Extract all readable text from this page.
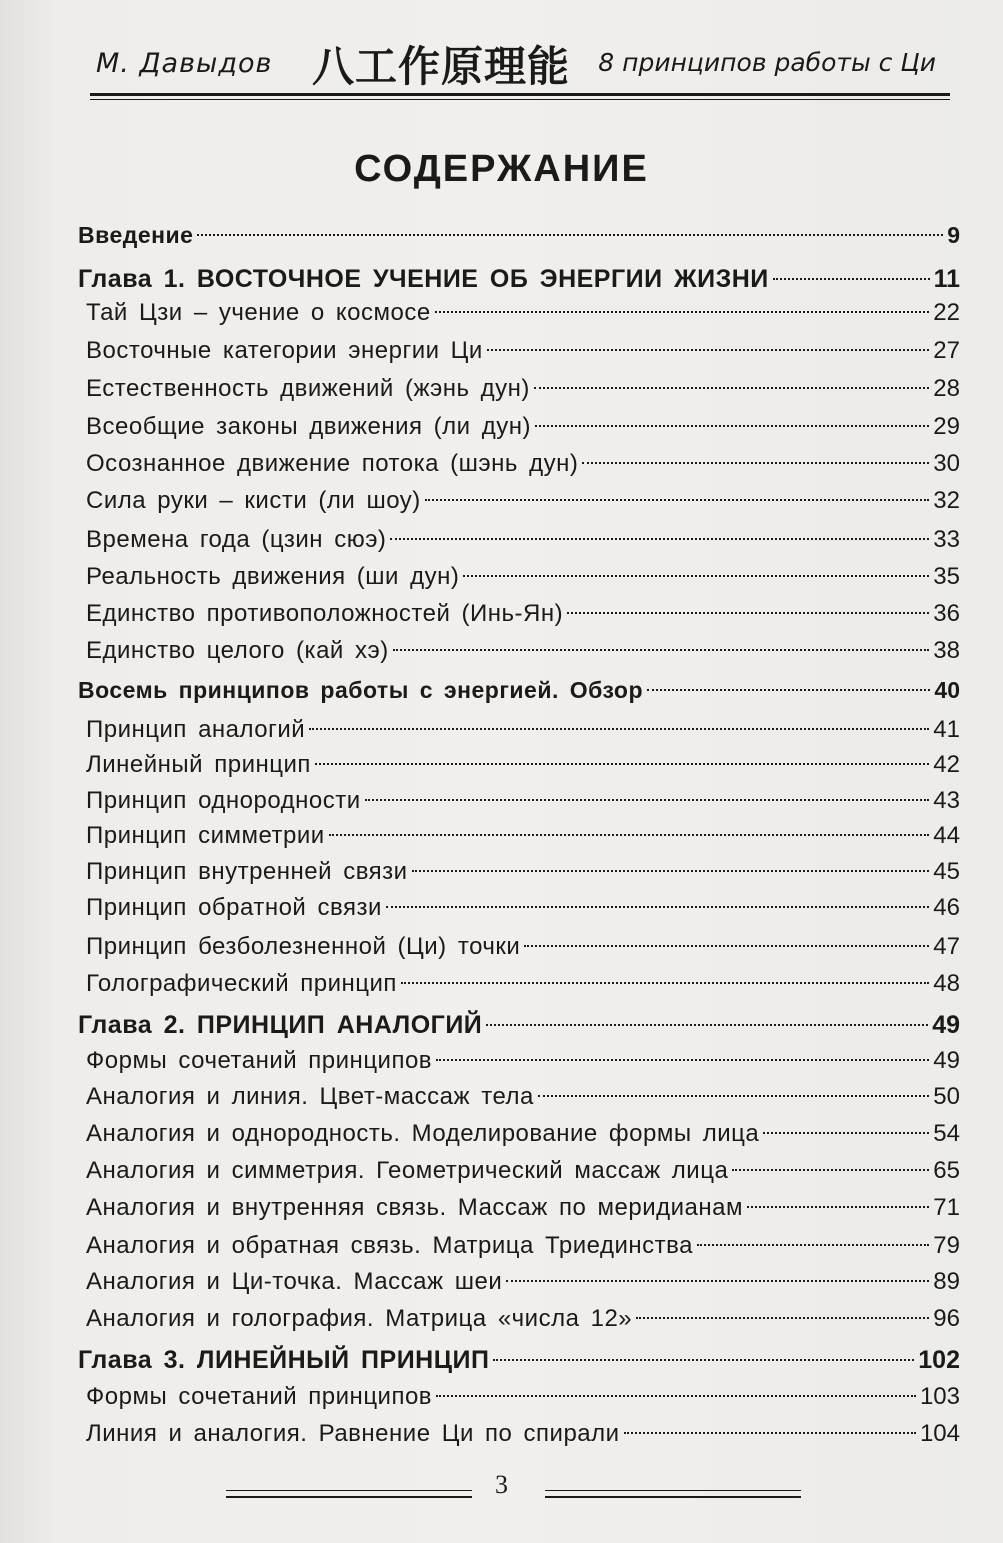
М. Давыдов 八工作原理能 8 принципов работы с Ци
СОДЕРЖАНИЕ
Введение	9
Глава 1. ВОСТОЧНОЕ УЧЕНИЕ ОБ ЭНЕРГИИ ЖИЗНИ	11
Тай Цзи – учение о космосе	22
Восточные категории энергии Ци	27
Естественность движений (жэнь дун)	28
Всеобщие законы движения (ли дун)	29
Осознанное движение потока (шэнь дун)	30
Сила руки – кисти (ли шоу)	32
Времена года (цзин сюэ)	33
Реальность движения (ши дун)	35
Единство противоположностей (Инь-Ян)	36
Единство целого (кай хэ)	38
Восемь принципов работы с энергией. Обзор	40
Принцип аналогий	41
Линейный принцип	42
Принцип однородности	43
Принцип симметрии	44
Принцип внутренней связи	45
Принцип обратной связи	46
Принцип безболезненной (Ци) точки	47
Голографический принцип	48
Глава 2. ПРИНЦИП АНАЛОГИЙ	49
Формы сочетаний принципов	49
Аналогия и линия. Цвет-массаж тела	50
Аналогия и однородность. Моделирование формы лица	54
Аналогия и симметрия. Геометрический массаж лица	65
Аналогия и внутренняя связь. Массаж по меридианам	71
Аналогия и обратная связь. Матрица Триединства	79
Аналогия и Ци-точка. Массаж шеи	89
Аналогия и голография. Матрица «числа 12»	96
Глава 3. ЛИНЕЙНЫЙ ПРИНЦИП	102
Формы сочетаний принципов	103
Линия и аналогия. Равнение Ци по спирали	104
3
